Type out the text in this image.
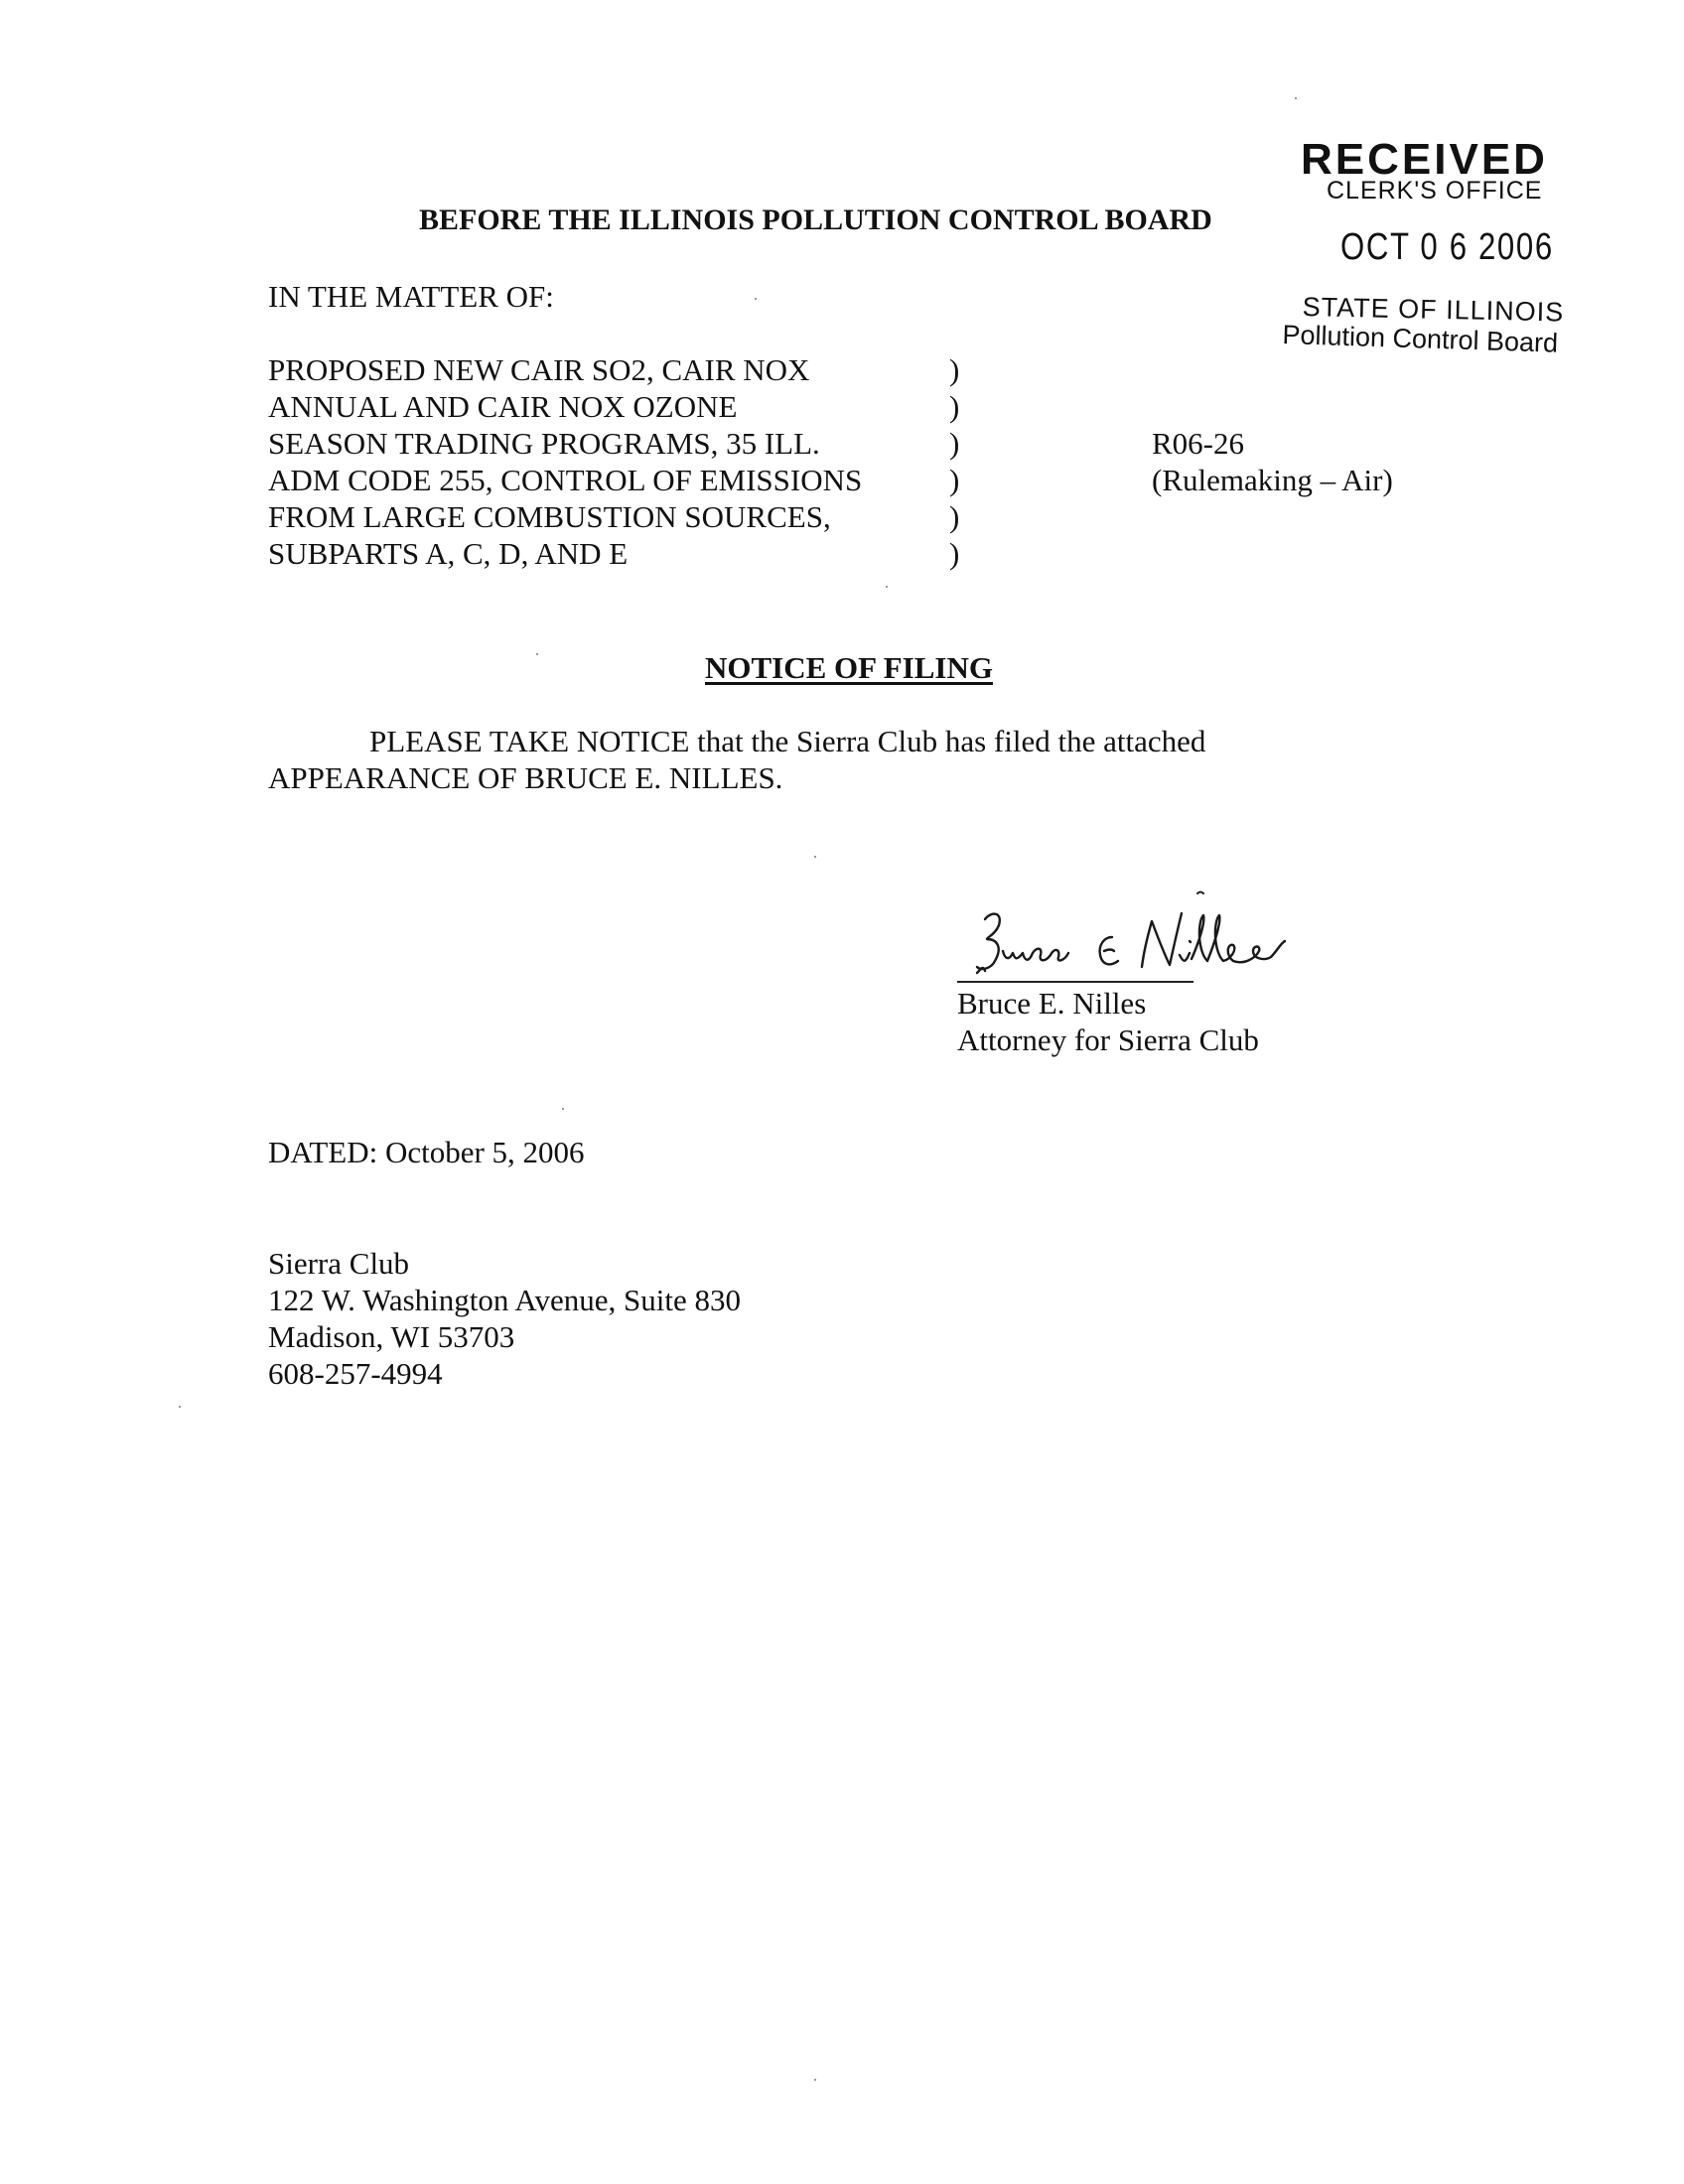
RECEIVED
CLERK'S OFFICE
OCT 0 6 2006
STATE OF ILLINOIS
Pollution Control Board
BEFORE THE ILLINOIS POLLUTION CONTROL BOARD
IN THE MATTER OF:
PROPOSED NEW CAIR SO2, CAIR NOX
ANNUAL AND CAIR NOX OZONE
SEASON TRADING PROGRAMS, 35 ILL.
ADM CODE 255, CONTROL OF EMISSIONS
FROM LARGE COMBUSTION SOURCES,
SUBPARTS A, C, D, AND E
)
)
)
)
)
)
R06-26
(Rulemaking – Air)
NOTICE OF FILING
PLEASE TAKE NOTICE that the Sierra Club has filed the attached
APPEARANCE OF BRUCE E. NILLES.
Bruce E. Nilles
Attorney for Sierra Club
DATED: October 5, 2006
Sierra Club
122 W. Washington Avenue, Suite 830
Madison, WI 53703
608-257-4994
